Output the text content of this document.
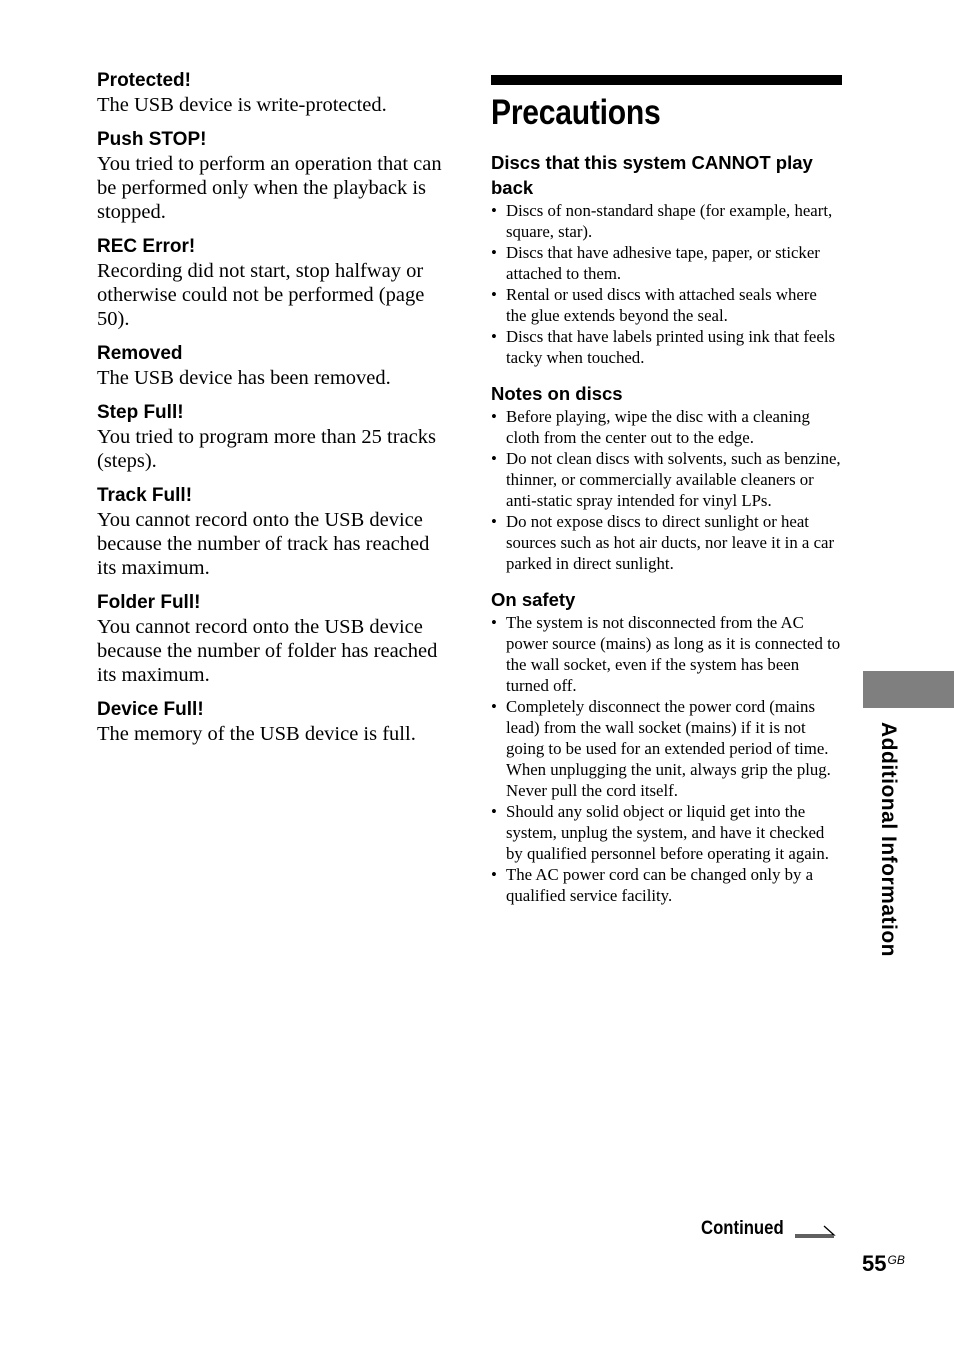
Protected!

The USB device is write-protected.

Push STOP!

You tried to perform an operation that can be performed only when the playback is stopped.

REC Error!

Recording did not start, stop halfway or otherwise could not be performed (page 50).

Removed

The USB device has been removed.

Step Full!

You tried to program more than 25 tracks (steps).

Track Full!

You cannot record onto the USB device because the number of track has reached its maximum.

Folder Full!

You cannot record onto the USB device because the number of folder has reached its maximum.

Device Full!

The memory of the USB device is full.

Precautions

Discs that this system CANNOT play back

• Discs of non-standard shape (for example, heart, square, star).
• Discs that have adhesive tape, paper, or sticker attached to them.
• Rental or used discs with attached seals where the glue extends beyond the seal.
• Discs that have labels printed using ink that feels tacky when touched.

Notes on discs

• Before playing, wipe the disc with a cleaning cloth from the center out to the edge.
• Do not clean discs with solvents, such as benzine, thinner, or commercially available cleaners or anti-static spray intended for vinyl LPs.
• Do not expose discs to direct sunlight or heat sources such as hot air ducts, nor leave it in a car parked in direct sunlight.

On safety

• The system is not disconnected from the AC power source (mains) as long as it is connected to the wall socket, even if the system has been turned off.
• Completely disconnect the power cord (mains lead) from the wall socket (mains) if it is not going to be used for an extended period of time. When unplugging the unit, always grip the plug. Never pull the cord itself.
• Should any solid object or liquid get into the system, unplug the system, and have it checked by qualified personnel before operating it again.
• The AC power cord can be changed only by a qualified service facility.	Additional Information
Continued
$55^{GB}$
